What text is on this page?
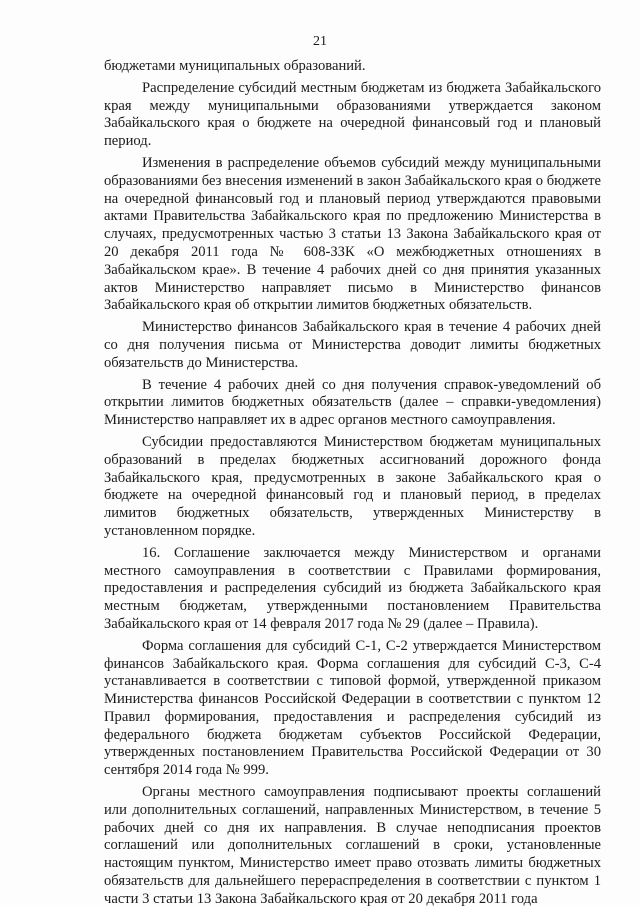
21

бюджетами муниципальных образований.

Распределение субсидий местным бюджетам из бюджета Забайкальского края между муниципальными образованиями утверждается законом Забайкальского края о бюджете на очередной финансовый год и плановый период.

Изменения в распределение объемов субсидий между муниципальными образованиями без внесения изменений в закон Забайкальского края о бюджете на очередной финансовый год и плановый период утверждаются правовыми актами Правительства Забайкальского края по предложению Министерства в случаях, предусмотренных частью 3 статьи 13 Закона Забайкальского края от 20 декабря 2011 года № 608-ЗЗК «О межбюджетных отношениях в Забайкальском крае». В течение 4 рабочих дней со дня принятия указанных актов Министерство направляет письмо в Министерство финансов Забайкальского края об открытии лимитов бюджетных обязательств.

Министерство финансов Забайкальского края в течение 4 рабочих дней со дня получения письма от Министерства доводит лимиты бюджетных обязательств до Министерства.

В течение 4 рабочих дней со дня получения справок-уведомлений об открытии лимитов бюджетных обязательств (далее – справки-уведомления) Министерство направляет их в адрес органов местного самоуправления.

Субсидии предоставляются Министерством бюджетам муниципальных образований в пределах бюджетных ассигнований дорожного фонда Забайкальского края, предусмотренных в законе Забайкальского края о бюджете на очередной финансовый год и плановый период, в пределах лимитов бюджетных обязательств, утвержденных Министерству в установленном порядке.

16. Соглашение заключается между Министерством и органами местного самоуправления в соответствии с Правилами формирования, предоставления и распределения субсидий из бюджета Забайкальского края местным бюджетам, утвержденными постановлением Правительства Забайкальского края от 14 февраля 2017 года № 29 (далее – Правила).

Форма соглашения для субсидий С-1, С-2 утверждается Министерством финансов Забайкальского края. Форма соглашения для субсидий С-3, С-4 устанавливается в соответствии с типовой формой, утвержденной приказом Министерства финансов Российской Федерации в соответствии с пунктом 12 Правил формирования, предоставления и распределения субсидий из федерального бюджета бюджетам субъектов Российской Федерации, утвержденных постановлением Правительства Российской Федерации от 30 сентября 2014 года № 999.

Органы местного самоуправления подписывают проекты соглашений или дополнительных соглашений, направленных Министерством, в течение 5 рабочих дней со дня их направления. В случае неподписания проектов соглашений или дополнительных соглашений в сроки, установленные настоящим пунктом, Министерство имеет право отозвать лимиты бюджетных обязательств для дальнейшего перераспределения в соответствии с пунктом 1 части 3 статьи 13 Закона Забайкальского края от 20 декабря 2011 года
